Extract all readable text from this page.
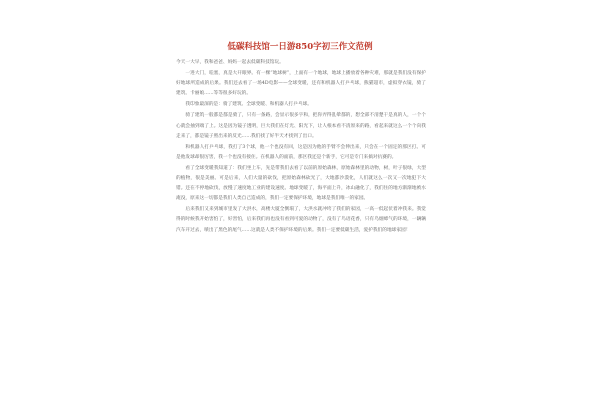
低碳科技馆一日游850字初三作文范例

今天一大早，我和爸爸、妈妈一起去低碳科技馆玩。

一进大门，哇塞，真是大开眼界。有一棵“地球树”，上面有一个地球，地球上播放着各种灾难，那就是我们没有保护好地球所造成的后果。我们还去看了一场4D电影——全球变暖，还有和机器人打乒乓球，熊猫超市，虚拟穿衣镜，骑了建筑、卡丽娘……等等很多好玩的。

我印象最深的是：骑了建筑、全球变暖、和机器人打乒乓球。

骑了建筑一般都是都是骑了，只有一条路，会显示很多字和，把你弄得乱晕都的，想全部不清楚干是真的人，一个个心就会抽到端了上。这是因为镜子透明，巨大我们在灯光、阳光下，让人根本看不清原来的路，看起来就这么一个个向我走来了，都是镜子照出来的反光……我们找了好半天才找到了出口。

和机器人打乒乓球，我打了3个球，他一个也没有回，这是因为他的手臂不会伸出来，只会在一个固定的那区打。可是他发球却很厉害，我一个也没有接住。在机器人的面前，那区我还是个新手，它可是专门来搞对抗赛的。

看了全球变暖我知道了：我们坐上车，先是带我们去看了以前的原始森林，原始森林里的动物，树，叶子很绿，大型的植物，很是美丽。可是后来，人们大量的砍伐，把原始森林砍光了，大地都沙漠化，人们就这么一次又一次地犯下大错。还在不停地砍伐，放慢了速度地工业的建设速度。地球变暖了，海平面上升，冰山融化了，我们住的地方渐渐地被水淹没，原来这一切都是我们人类自己造成的，我们一定要保护环境，地球是我们唯一的家园。

后来我们又来到城市里发了大洪水，高楼大厦全倒塌了，大洪水就冲垮了我们的家园，一高一低起伏着冲我来。我觉得的时候我开始害怕了，好害怕，后来我们再也没有看到可爱的动物了，没有了鸟语花香，只有乌烟瘴气的环境，一辆辆汽车开过去，喷出了黑色的尾气……这就是人类不保护环境的后果。我们一定要低碳生活，爱护我们的地球家园！
